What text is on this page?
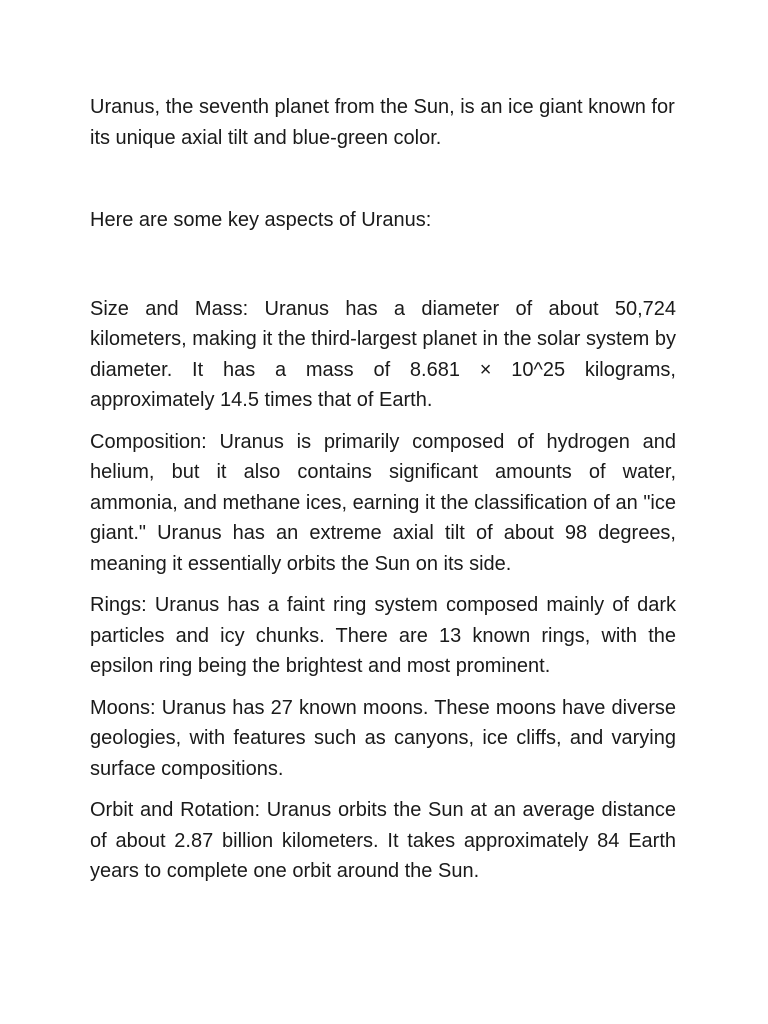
Uranus, the seventh planet from the Sun, is an ice giant known for its unique axial tilt and blue-green color.

Here are some key aspects of Uranus:

Size and Mass: Uranus has a diameter of about 50,724 kilometers, making it the third-largest planet in the solar system by diameter. It has a mass of 8.681 × 10^25 kilograms, approximately 14.5 times that of Earth.

Composition: Uranus is primarily composed of hydrogen and helium, but it also contains significant amounts of water, ammonia, and methane ices, earning it the classification of an "ice giant." Uranus has an extreme axial tilt of about 98 degrees, meaning it essentially orbits the Sun on its side.

Rings: Uranus has a faint ring system composed mainly of dark particles and icy chunks. There are 13 known rings, with the epsilon ring being the brightest and most prominent.

Moons: Uranus has 27 known moons. These moons have diverse geologies, with features such as canyons, ice cliffs, and varying surface compositions.

Orbit and Rotation: Uranus orbits the Sun at an average distance of about 2.87 billion kilometers. It takes approximately 84 Earth years to complete one orbit around the Sun.
